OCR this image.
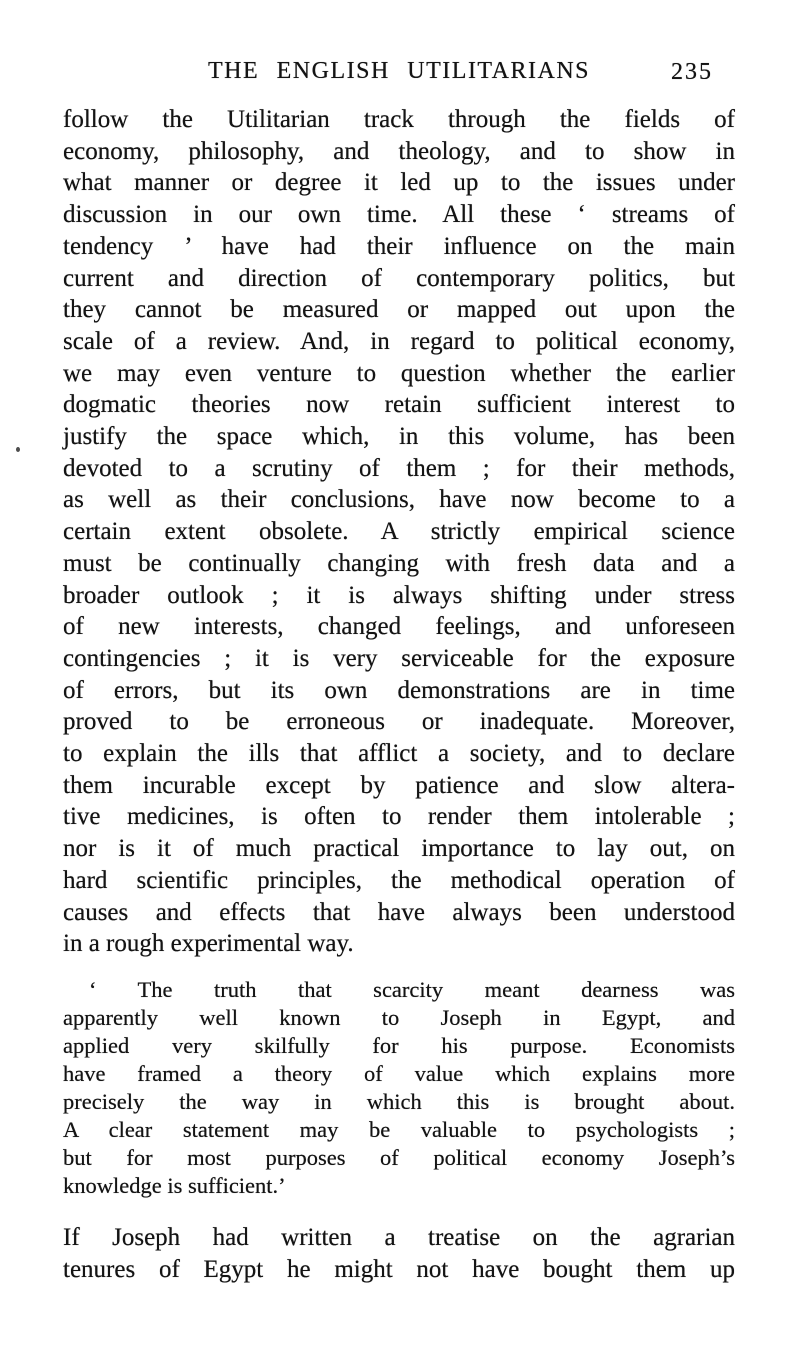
THE ENGLISH UTILITARIANS	235
follow the Utilitarian track through the fields of
economy, philosophy, and theology, and to show in
what manner or degree it led up to the issues under
discussion in our own time. All these ‘ streams of
tendency ’ have had their influence on the main
current and direction of contemporary politics, but
they cannot be measured or mapped out upon the
scale of a review. And, in regard to political economy,
we may even venture to question whether the earlier
dogmatic theories now retain sufficient interest to
justify the space which, in this volume, has been
devoted to a scrutiny of them ; for their methods,
as well as their conclusions, have now become to a
certain extent obsolete. A strictly empirical science
must be continually changing with fresh data and a
broader outlook ; it is always shifting under stress
of new interests, changed feelings, and unforeseen
contingencies ; it is very serviceable for the exposure
of errors, but its own demonstrations are in time
proved to be erroneous or inadequate. Moreover,
to explain the ills that afflict a society, and to declare
them incurable except by patience and slow altera-
tive medicines, is often to render them intolerable ;
nor is it of much practical importance to lay out, on
hard scientific principles, the methodical operation of
causes and effects that have always been understood
in a rough experimental way.
‘ The truth that scarcity meant dearness was
apparently well known to Joseph in Egypt, and
applied very skilfully for his purpose. Economists
have framed a theory of value which explains more
precisely the way in which this is brought about.
A clear statement may be valuable to psychologists ;
but for most purposes of political economy Joseph’s
knowledge is sufficient.’
If Joseph had written a treatise on the agrarian
tenures of Egypt he might not have bought them up
